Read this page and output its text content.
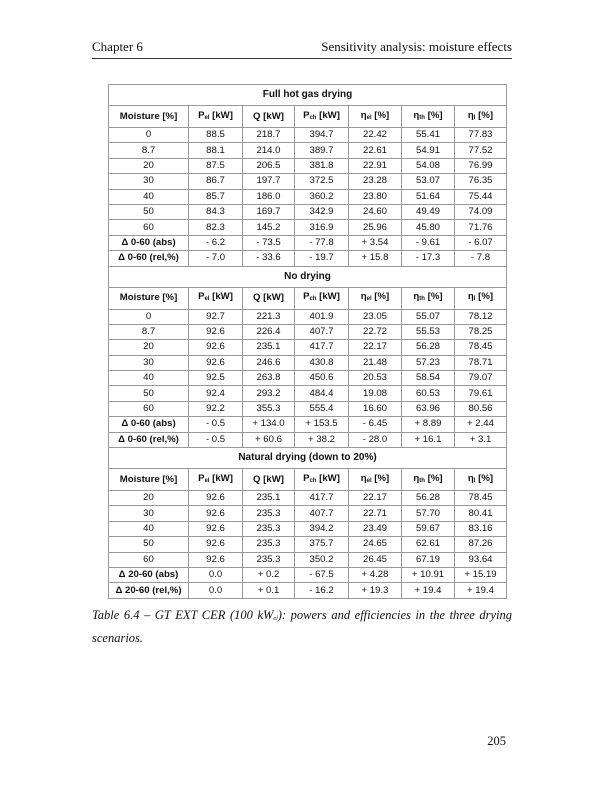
Chapter 6	Sensitivity analysis: moisture effects
Full hot gas drying						
Moisture [%]	$P_{el}$ [kW]	Q [kW]	$P_{ch}$ [kW]	$\eta_{el}$ [%]	$\eta_{th}$ [%]	$\eta_I$ [%]
0	88.5	218.7	394.7	22.42	55.41	77.83
8.7	88.1	214.0	389.7	22.61	54.91	77.52
20	87.5	206.5	381.8	22.91	54.08	76.99
30	86.7	197.7	372.5	23.28	53.07	76.35
40	85.7	186.0	360.2	23.80	51.64	75.44
50	84.3	169.7	342.9	24.60	49.49	74.09
60	82.3	145.2	316.9	25.96	45.80	71.76
Δ 0-60 (abs)	- 6.2	- 73.5	- 77.8	+ 3.54	- 9.61	- 6.07
Δ 0-60 (rel,%)	- 7.0	- 33.6	- 19.7	+ 15.8	- 17.3	- 7.8
No drying						
Moisture [%]	$P_{el}$ [kW]	Q [kW]	$P_{ch}$ [kW]	$\eta_{el}$ [%]	$\eta_{th}$ [%]	$\eta_I$ [%]
0	92.7	221.3	401.9	23.05	55.07	78.12
8.7	92.6	226.4	407.7	22.72	55.53	78.25
20	92.6	235.1	417.7	22.17	56.28	78.45
30	92.6	246.6	430.8	21.48	57.23	78.71
40	92.5	263.8	450.6	20.53	58.54	79.07
50	92.4	293.2	484.4	19.08	60.53	79.61
60	92.2	355.3	555.4	16.60	63.96	80.56
Δ 0-60 (abs)	- 0.5	+ 134.0	+ 153.5	- 6.45	+ 8.89	+ 2.44
Δ 0-60 (rel,%)	- 0.5	+ 60.6	+ 38.2	- 28.0	+ 16.1	+ 3.1
Natural drying (down to 20%)						
Moisture [%]	$P_{el}$ [kW]	Q [kW]	$P_{ch}$ [kW]	$\eta_{el}$ [%]	$\eta_{th}$ [%]	$\eta_I$ [%]
20	92.6	235.1	417.7	22.17	56.28	78.45
30	92.6	235.3	407.7	22.71	57.70	80.41
40	92.6	235.3	394.2	23.49	59.67	83.16
50	92.6	235.3	375.7	24.65	62.61	87.26
60	92.6	235.3	350.2	26.45	67.19	93.64
Δ 20-60 (abs)	0.0	+ 0.2	- 67.5	+ 4.28	+ 10.91	+ 15.19
Δ 20-60 (rel,%)	0.0	+ 0.1	- 16.2	+ 19.3	+ 19.4	+ 19.4
Table 6.4 – GT EXT CER (100 $kW_{el}$): powers and efficiencies in the three drying scenarios.
205
